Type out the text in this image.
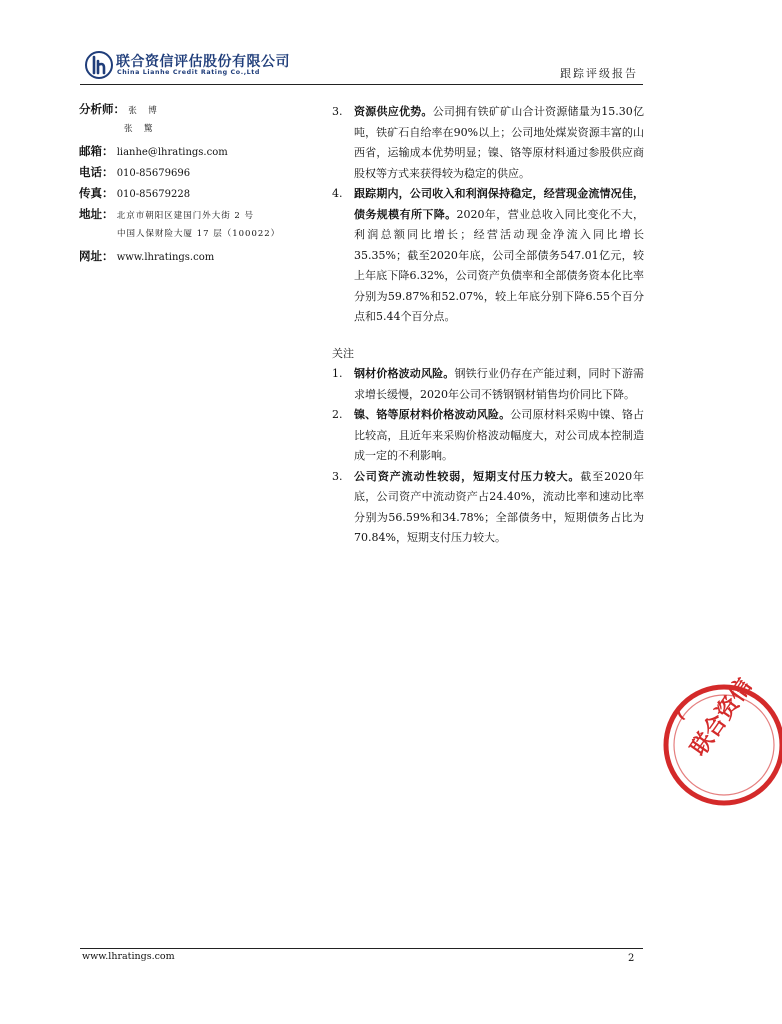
联合资信评估股份有限公司
China Lianhe Credit Rating Co.,Ltd	跟踪评级报告
分析师： 张　博
张　驚
邮箱： lianhe@lhratings.com
电话： 010-85679696
传真： 010-85679228
地址： 北京市朝阳区建国门外大街 2 号
中国人保财险大厦 17 层（100022）
网址： www.lhratings.com

3. 资源供应优势。公司拥有铁矿矿山合计资源储量为15.30亿吨，铁矿石自给率在90%以上；公司地处煤炭资源丰富的山西省，运输成本优势明显；镍、铬等原材料通过参股供应商股权等方式来获得较为稳定的供应。

4. 跟踪期内，公司收入和利润保持稳定，经营现金流情况佳，债务规模有所下降。2020年，营业总收入同比变化不大，利润总额同比增长；经营活动现金净流入同比增长35.35%；截至2020年底，公司全部债务547.01亿元，较上年底下降6.32%，公司资产负债率和全部债务资本化比率分别为59.87%和52.07%，较上年底分别下降6.55个百分点和5.44个百分点。

关注

1. 钢材价格波动风险。钢铁行业仍存在产能过剩，同时下游需求增长缓慢，2020年公司不锈钢钢材销售均价同比下降。

2. 镍、铬等原材料价格波动风险。公司原材料采购中镍、铬占比较高，且近年来采购价格波动幅度大，对公司成本控制造成一定的不利影响。

3. 公司资产流动性较弱，短期支付压力较大。截至2020年底，公司资产中流动资产占24.40%，流动比率和速动比率分别为56.59%和34.78%；全部债务中，短期债务占比为70.84%，短期支付压力较大。

联合资信
(
www.lhratings.com	2
